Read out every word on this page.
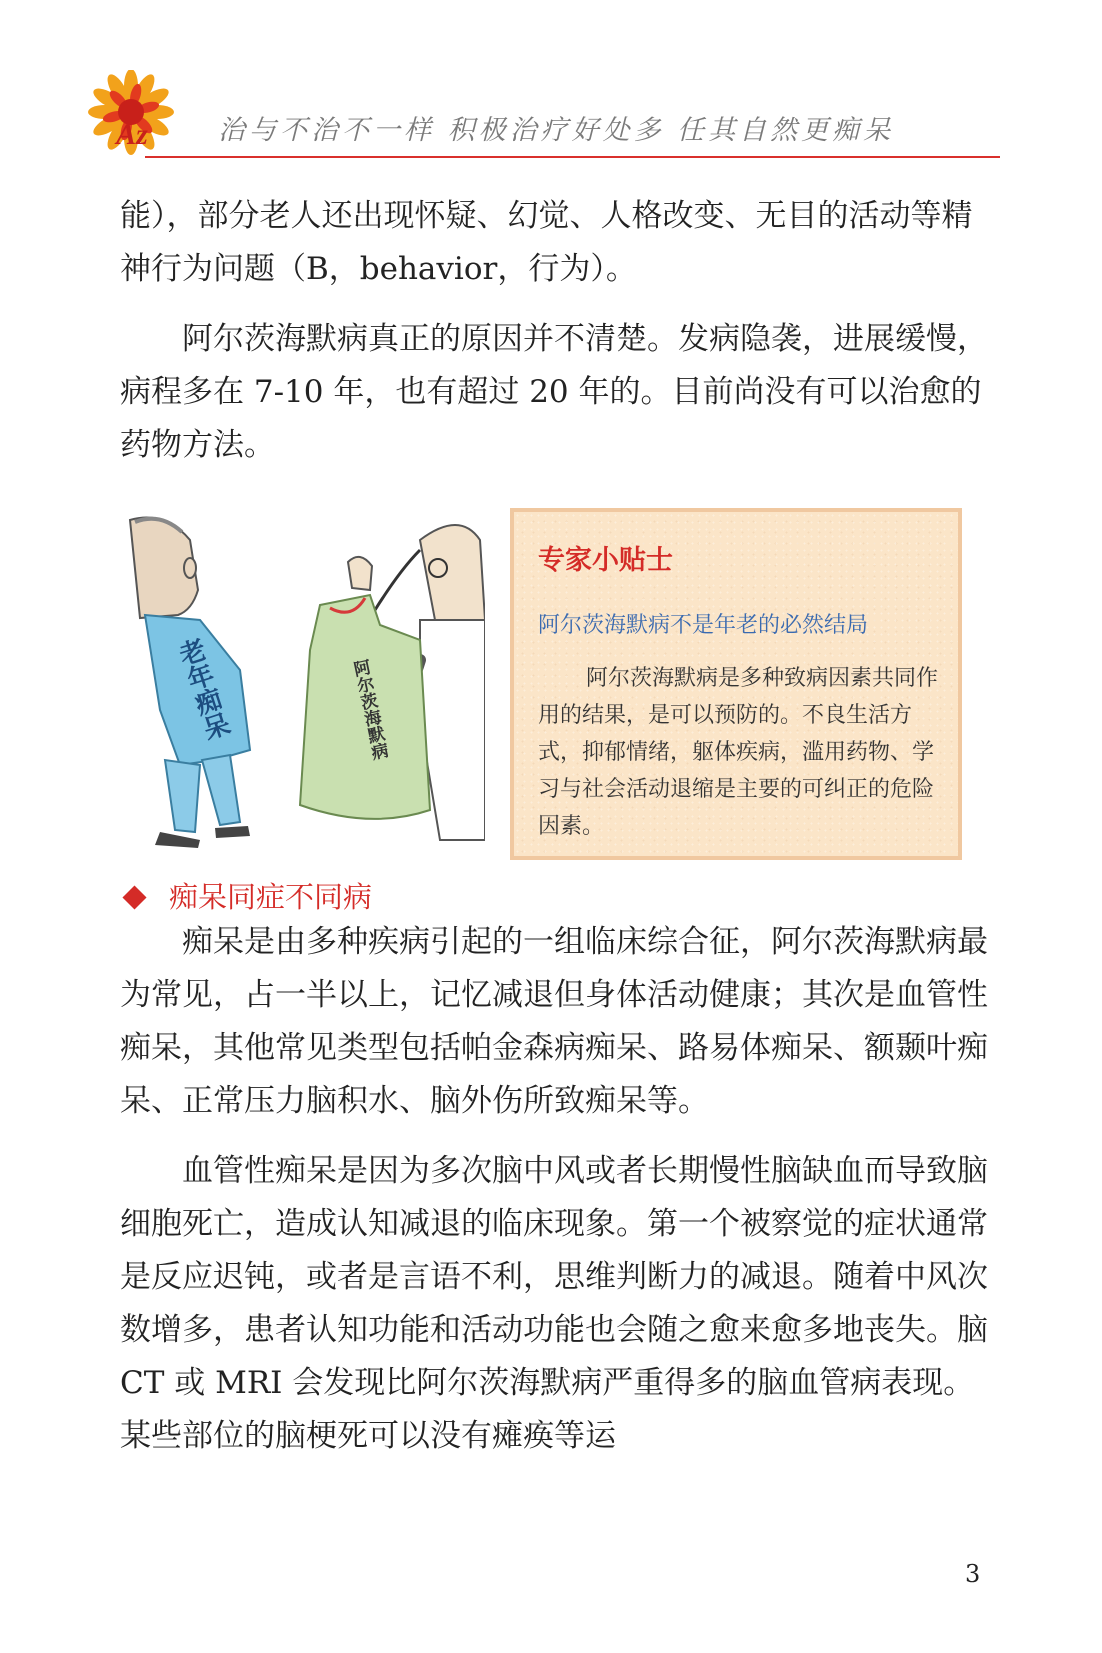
Az	治与不治不一样 积极治疗好处多 任其自然更痴呆

能），部分老人还出现怀疑、幻觉、人格改变、无目的活动等精神行为问题（B，behavior，行为）。

阿尔茨海默病真正的原因并不清楚。发病隐袭，进展缓慢，病程多在 7-10 年，也有超过 20 年的。目前尚没有可以治愈的药物方法。

老年痴呆	阿尔茨海默病
专家小贴士
阿尔茨海默病不是年老的必然结局
阿尔茨海默病是多种致病因素共同作用的结果，是可以预防的。不良生活方式，抑郁情绪，躯体疾病，滥用药物、学习与社会活动退缩是主要的可纠正的危险因素。
痴呆同症不同病

痴呆是由多种疾病引起的一组临床综合征，阿尔茨海默病最为常见，占一半以上，记忆减退但身体活动健康；其次是血管性痴呆，其他常见类型包括帕金森病痴呆、路易体痴呆、额颞叶痴呆、正常压力脑积水、脑外伤所致痴呆等。

血管性痴呆是因为多次脑中风或者长期慢性脑缺血而导致脑细胞死亡，造成认知减退的临床现象。第一个被察觉的症状通常是反应迟钝，或者是言语不利，思维判断力的减退。随着中风次数增多，患者认知功能和活动功能也会随之愈来愈多地丧失。脑 CT 或 MRI 会发现比阿尔茨海默病严重得多的脑血管病表现。某些部位的脑梗死可以没有瘫痪等运

3
